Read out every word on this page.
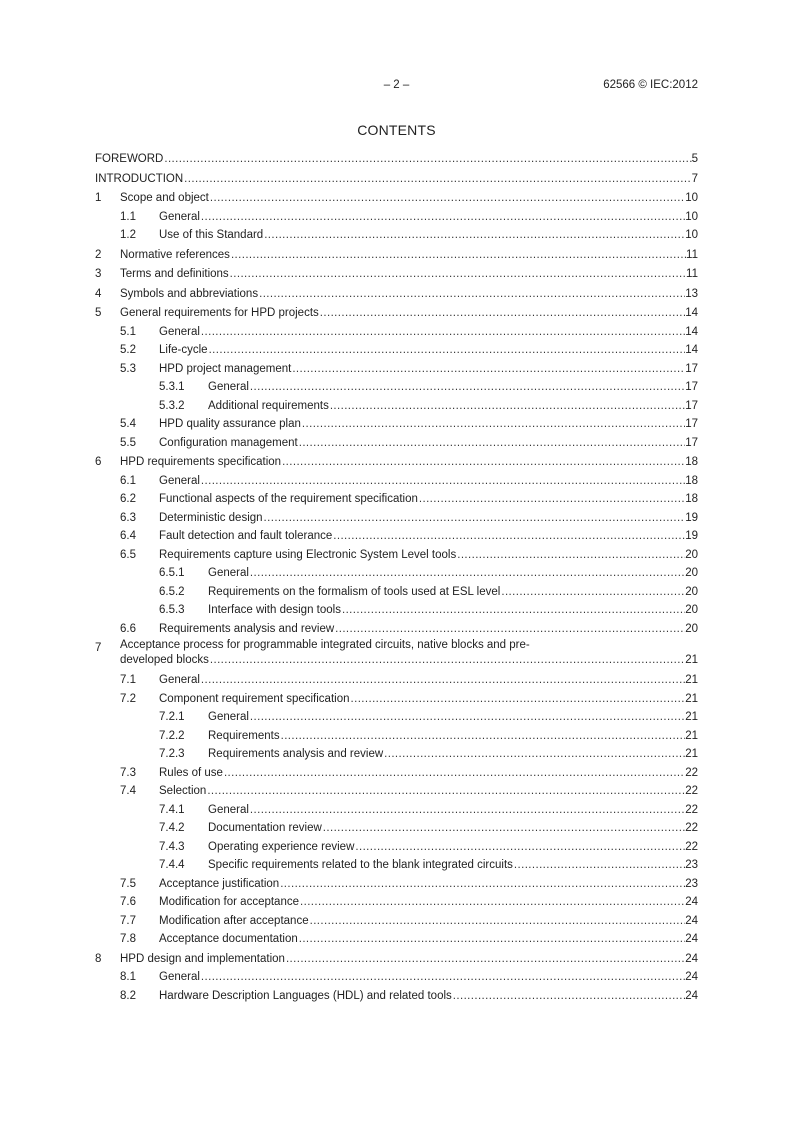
– 2 –	62566 © IEC:2012
CONTENTS
FOREWORD .....	5
INTRODUCTION .....	7
1 Scope and object .....	10
1.1 General .....	10
1.2 Use of this Standard .....	10
2 Normative references .....	11
3 Terms and definitions .....	11
4 Symbols and abbreviations .....	13
5 General requirements for HPD projects .....	14
5.1 General .....	14
5.2 Life-cycle .....	14
5.3 HPD project management .....	17
5.3.1 General .....	17
5.3.2 Additional requirements .....	17
5.4 HPD quality assurance plan .....	17
5.5 Configuration management .....	17
6 HPD requirements specification .....	18
6.1 General .....	18
6.2 Functional aspects of the requirement specification .....	18
6.3 Deterministic design .....	19
6.4 Fault detection and fault tolerance .....	19
6.5 Requirements capture using Electronic System Level tools .....	20
6.5.1 General .....	20
6.5.2 Requirements on the formalism of tools used at ESL level .....	20
6.5.3 Interface with design tools .....	20
6.6 Requirements analysis and review .....	20
7 Acceptance process for programmable integrated circuits, native blocks and pre-
developed blocks .....	21
7.1 General .....	21
7.2 Component requirement specification .....	21
7.2.1 General .....	21
7.2.2 Requirements .....	21
7.2.3 Requirements analysis and review .....	21
7.3 Rules of use .....	22
7.4 Selection .....	22
7.4.1 General .....	22
7.4.2 Documentation review .....	22
7.4.3 Operating experience review .....	22
7.4.4 Specific requirements related to the blank integrated circuits .....	23
7.5 Acceptance justification .....	23
7.6 Modification for acceptance .....	24
7.7 Modification after acceptance .....	24
7.8 Acceptance documentation .....	24
8 HPD design and implementation .....	24
8.1 General .....	24
8.2 Hardware Description Languages (HDL) and related tools .....	24
